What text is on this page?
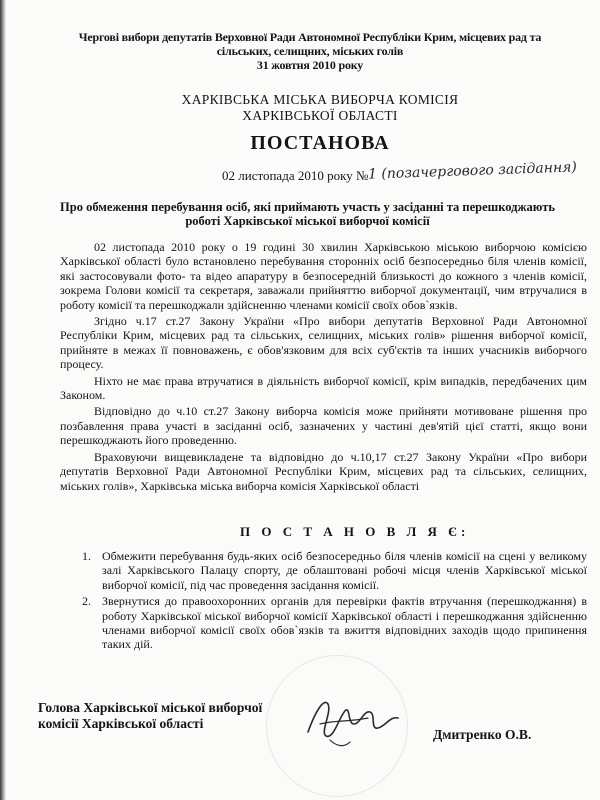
Чергові вибори депутатів Верховної Ради Автономної Республіки Крим, місцевих рад та
сільських, селищних, міських голів
31 жовтня 2010 року
ХАРКІВСЬКА МІСЬКА ВИБОРЧА КОМІСІЯ
ХАРКІВСЬКОЇ ОБЛАСТІ
ПОСТАНОВА
02 листопада 2010 року № 1 (позачергового засідання)
Про обмеження перебування осіб, які приймають участь у засіданні та перешкоджають
роботі Харківської міської виборчої комісії

02 листопада 2010 року о 19 годині 30 хвилин Харківською міською виборчою комісією Харківської області було встановлено перебування сторонніх осіб безпосередньо біля членів комісії, які застосовували фото- та відео апаратуру в безпосередній близькості до кожного з членів комісії, зокрема Голови комісії та секретаря, заважали прийняттю виборчої документації, чим втручалися в роботу комісії та перешкоджали здійсненню членами комісії своїх обов`язків.

Згідно ч.17 ст.27 Закону України «Про вибори депутатів Верховної Ради Автономної Республіки Крим, місцевих рад та сільських, селищних, міських голів» рішення виборчої комісії, прийняте в межах її повноважень, є обов'язковим для всіх суб'єктів та інших учасників виборчого процесу.

Ніхто не має права втручатися в діяльність виборчої комісії, крім випадків, передбачених цим Законом.

Відповідно до ч.10 ст.27 Закону виборча комісія може прийняти мотивоване рішення про позбавлення права участі в засіданні осіб, зазначених у частині дев'ятій цієї статті, якщо вони перешкоджають його проведенню.

Враховуючи вищевикладене та відповідно до ч.10,17 ст.27 Закону України «Про вибори депутатів Верховної Ради Автономної Республіки Крим, місцевих рад та сільських, селищних, міських голів», Харківська міська виборча комісія Харківської області

П О С Т А Н О В Л Я Є:
1. Обмежити перебування будь-яких осіб безпосередньо біля членів комісії на сцені у великому залі Харківського Палацу спорту, де облаштовані робочі місця членів Харківської міської виборчої комісії, під час проведення засідання комісії.
2. Звернутися до правоохоронних органів для перевірки фактів втручання (перешкоджання) в роботу Харківської міської виборчої комісії Харківської області і перешкоджання здійсненню членами виборчої комісії своїх обов`язків та вжиття відповідних заходів щодо припинення таких дій.
Голова Харківської міської виборчої
комісії Харківської області
Дмитренко О.В.
